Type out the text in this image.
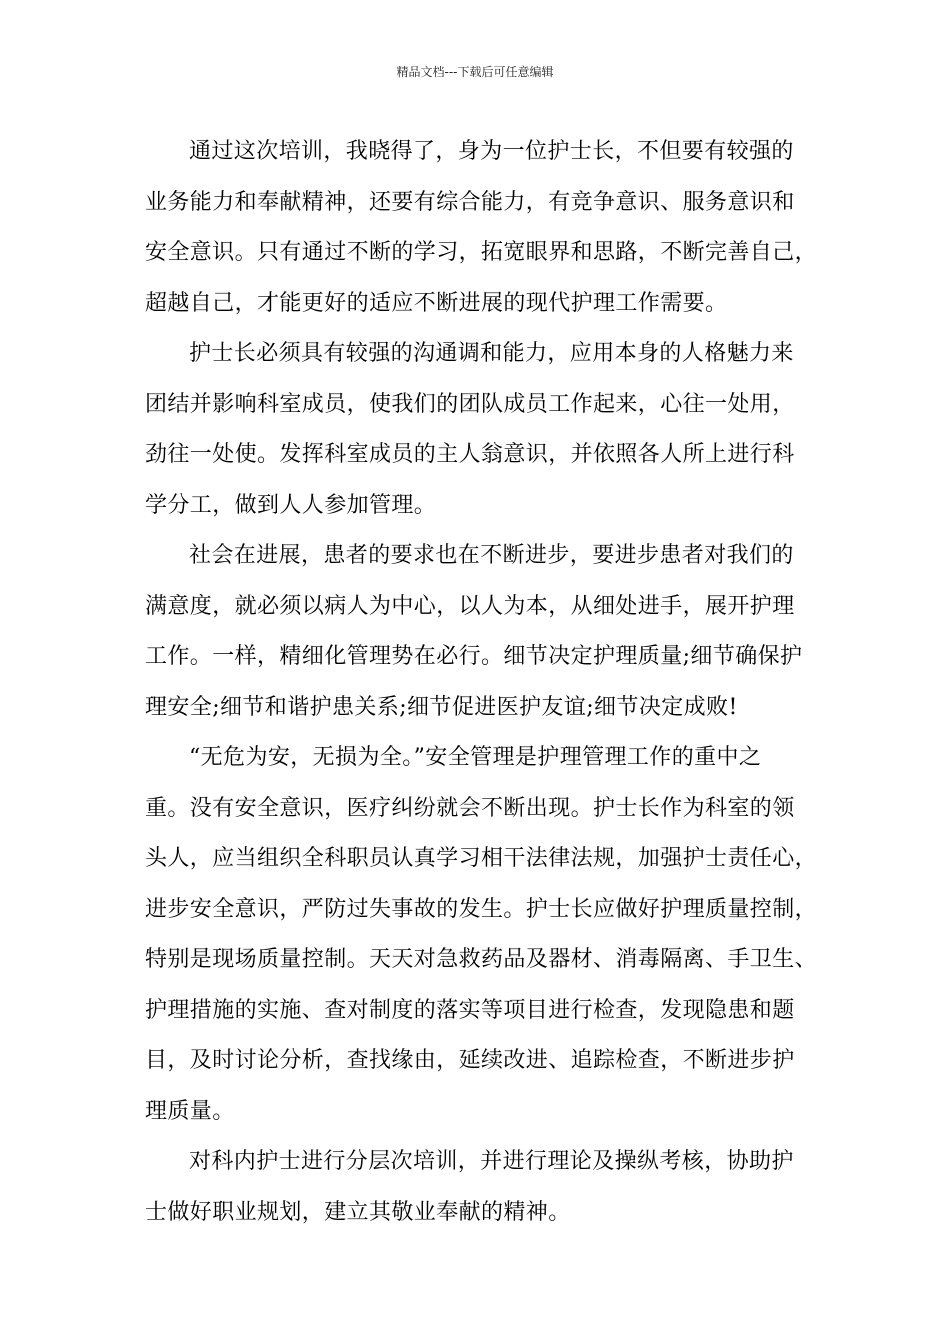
精品文档---下载后可任意编辑
通过这次培训，我晓得了，身为一位护士长，不但要有较强的
业务能力和奉献精神，还要有综合能力，有竞争意识、服务意识和
安全意识。只有通过不断的学习，拓宽眼界和思路，不断完善自己，
超越自己，才能更好的适应不断进展的现代护理工作需要。
护士长必须具有较强的沟通调和能力，应用本身的人格魅力来
团结并影响科室成员，使我们的团队成员工作起来，心往一处用，
劲往一处使。发挥科室成员的主人翁意识，并依照各人所上进行科
学分工，做到人人参加管理。
社会在进展，患者的要求也在不断进步，要进步患者对我们的
满意度，就必须以病人为中心，以人为本，从细处进手，展开护理
工作。一样，精细化管理势在必行。细节决定护理质量;细节确保护
理安全;细节和谐护患关系;细节促进医护友谊;细节决定成败!
“无危为安，无损为全。”安全管理是护理管理工作的重中之
重。没有安全意识，医疗纠纷就会不断出现。护士长作为科室的领
头人，应当组织全科职员认真学习相干法律法规，加强护士责任心，
进步安全意识，严防过失事故的发生。护士长应做好护理质量控制，
特别是现场质量控制。天天对急救药品及器材、消毒隔离、手卫生、
护理措施的实施、查对制度的落实等项目进行检查，发现隐患和题
目，及时讨论分析，查找缘由，延续改进、追踪检查，不断进步护
理质量。
对科内护士进行分层次培训，并进行理论及操纵考核，协助护
士做好职业规划，建立其敬业奉献的精神。
